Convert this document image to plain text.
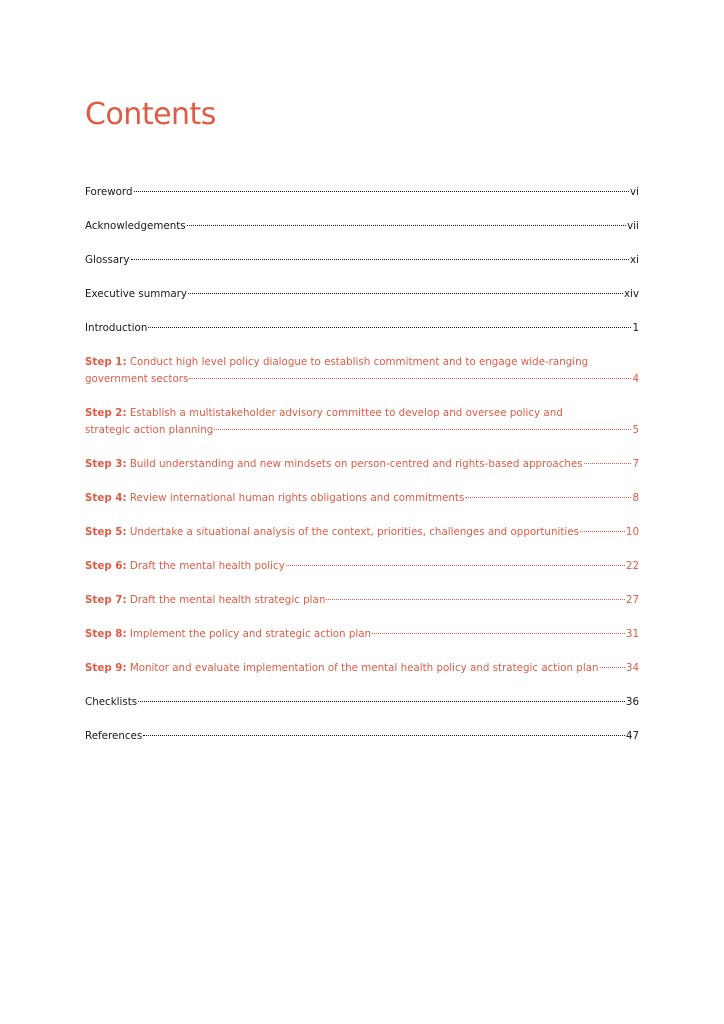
Contents
Foreword	vi
Acknowledgements	vii
Glossary	xi
Executive summary	xiv
Introduction	1
Step 1: Conduct high level policy dialogue to establish commitment and to engage wide-ranging
government sectors	4
Step 2: Establish a multistakeholder advisory committee to develop and oversee policy and
strategic action planning	5
Step 3: Build understanding and new mindsets on person-centred and rights-based approaches	7
Step 4: Review international human rights obligations and commitments	8
Step 5: Undertake a situational analysis of the context, priorities, challenges and opportunities	10
Step 6: Draft the mental health policy	22
Step 7: Draft the mental health strategic plan	27
Step 8: Implement the policy and strategic action plan	31
Step 9: Monitor and evaluate implementation of the mental health policy and strategic action plan	34
Checklists	36
References	47
